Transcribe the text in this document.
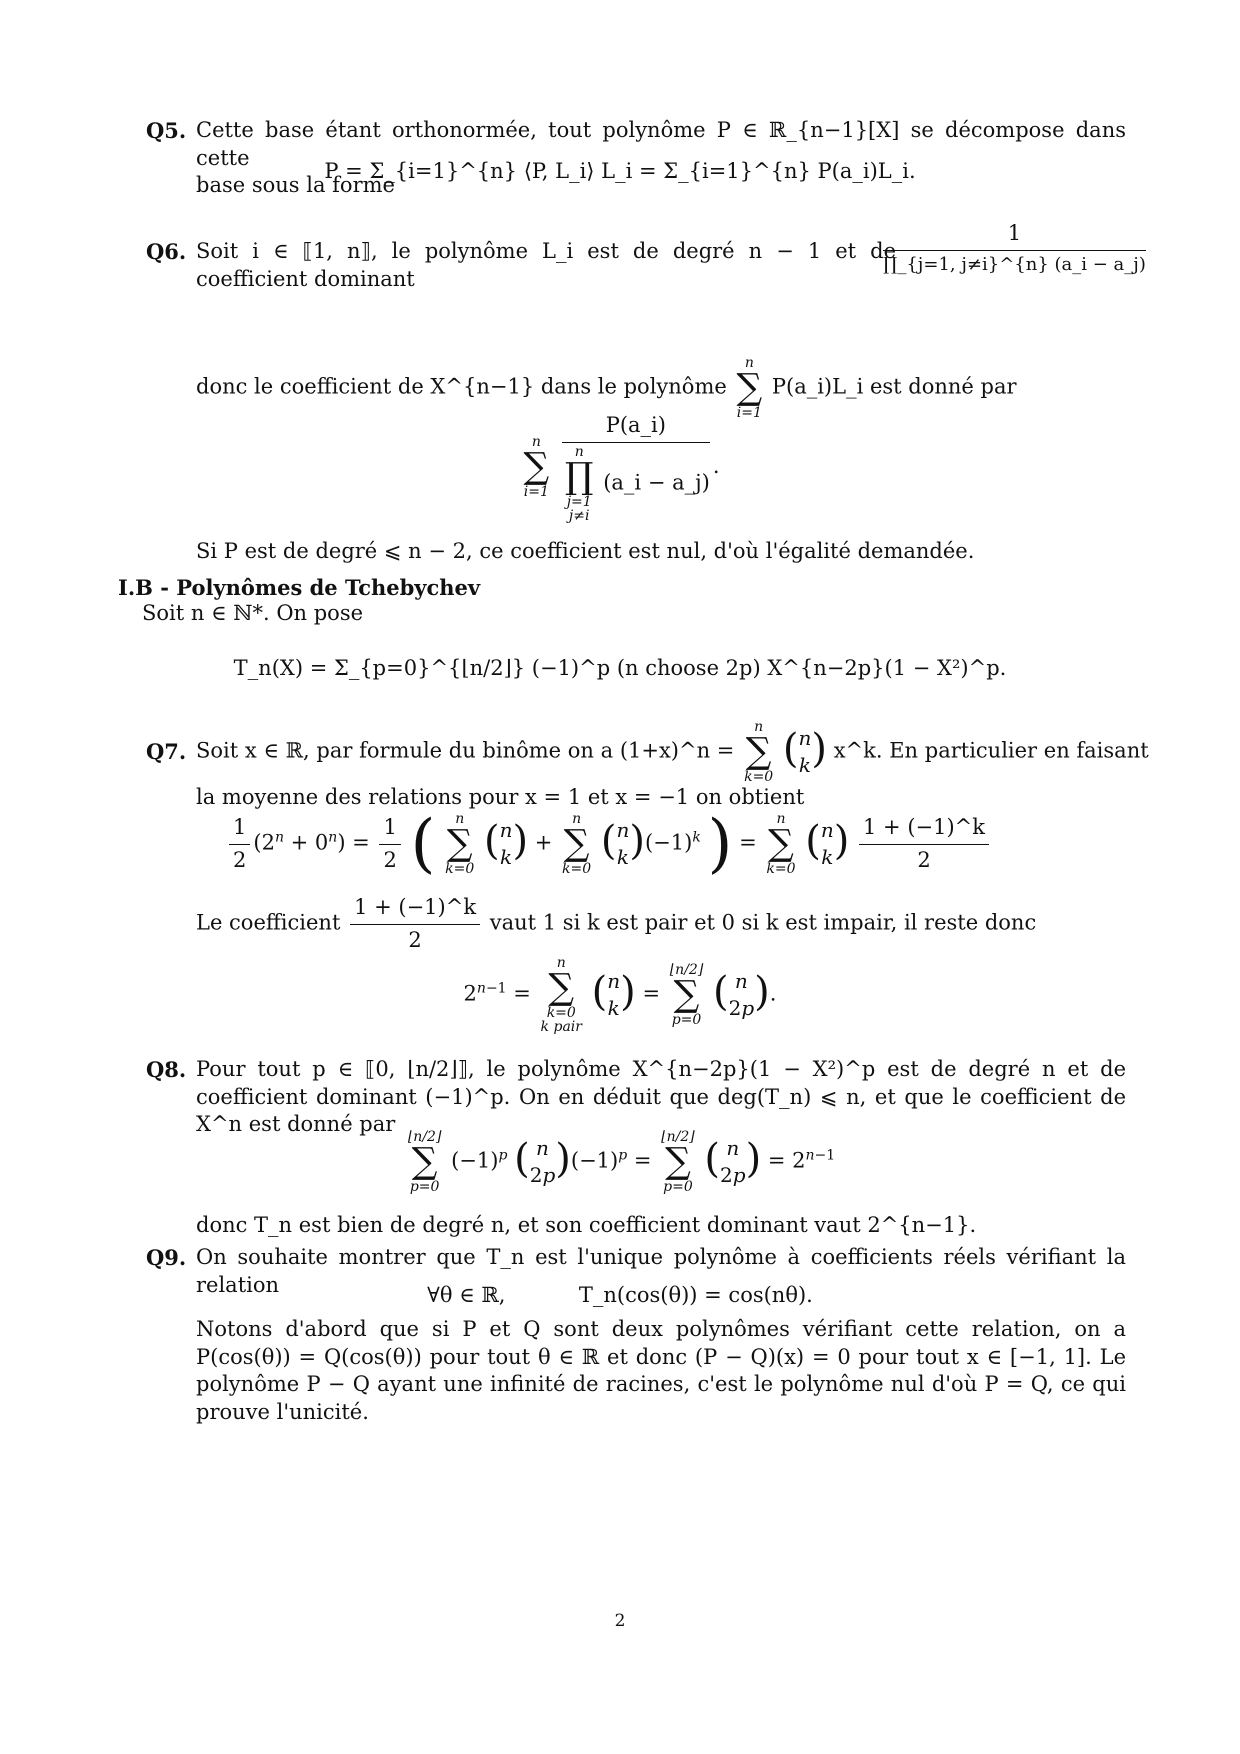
Q5. Cette base étant orthonormée, tout polynôme P ∈ ℝ_{n−1}[X] se décompose dans cette
base sous la forme
P = Σ_{i=1}^{n} ⟨P, L_i⟩ L_i = Σ_{i=1}^{n} P(a_i)L_i.
Q6. Soit i ∈ ⟦1, n⟧, le polynôme L_i est de degré n − 1 et de coefficient dominant
$\frac{1}{\prod\_\{j=1, j\ne i\}\^{}\{n\} (a\_i - a\_j)}$
donc le coefficient de X^{n−1} dans le polynôme
n
∑
i=1
P(a_i)L_i est donné par
n
∑
i=1

P(a_i)
n
∏
j=1
j≠i
(a_i − a_j)
.
Si P est de degré ⩽ n − 2, ce coefficient est nul, d'où l'égalité demandée.
I.B - Polynômes de Tchebychev
Soit n ∈ ℕ*. On pose
T_n(X) = Σ_{p=0}^{⌊n/2⌋} (−1)^p (n choose 2p) X^{n−2p}(1 − X²)^p.
Q7. Soit x ∈ ℝ, par formule du binôme on a (1+x)^n =
n
∑
k=0
(n
k) x^k. En particulier en faisant
la moyenne des relations pour x = 1 et x = −1 on obtient
$\frac{1}{2} (2^n + 0^n) = \frac{1}{2}$ (	n
∑
k=0
(n
k) +
n
∑
k=0
(n
$k)(-1)^k$ ) =
n
∑
k=0
(n
$k) \frac{1 + (-1)\^{}k}{2}$
Le coefficient $\frac{1 + (-1)\^{}k}{2}$ vaut 1 si k est pair et 0 si k est impair, il reste donc
$2^{n-1}$ =
n
∑
k=0
k pair
(n
k) =
⌊n/2⌋
∑
p=0
( n
2p).
Q8. Pour tout p ∈ ⟦0, ⌊n/2⌋⟧, le polynôme X^{n−2p}(1 − X²)^p est de degré n et de coefficient dominant (−1)^p. On en déduit que deg(T_n) ⩽ n, et que le coefficient de X^n est donné par
⌊n/2⌋
∑
p=0
$(-1)^p$ ( n
$2p)(-1)^p$ =
⌊n/2⌋
∑
p=0
( n
$2p) = 2^{n-1}$
donc T_n est bien de degré n, et son coefficient dominant vaut 2^{n−1}.
Q9. On souhaite montrer que T_n est l'unique polynôme à coefficients réels vérifiant la relation	∀θ ∈ ℝ,	T_n(cos(θ)) = cos(nθ).
Notons d'abord que si P et Q sont deux polynômes vérifiant cette relation, on a P(cos(θ)) = Q(cos(θ)) pour tout θ ∈ ℝ et donc (P − Q)(x) = 0 pour tout x ∈ [−1, 1]. Le polynôme P − Q ayant une infinité de racines, c'est le polynôme nul d'où P = Q, ce qui prouve l'unicité.
2
